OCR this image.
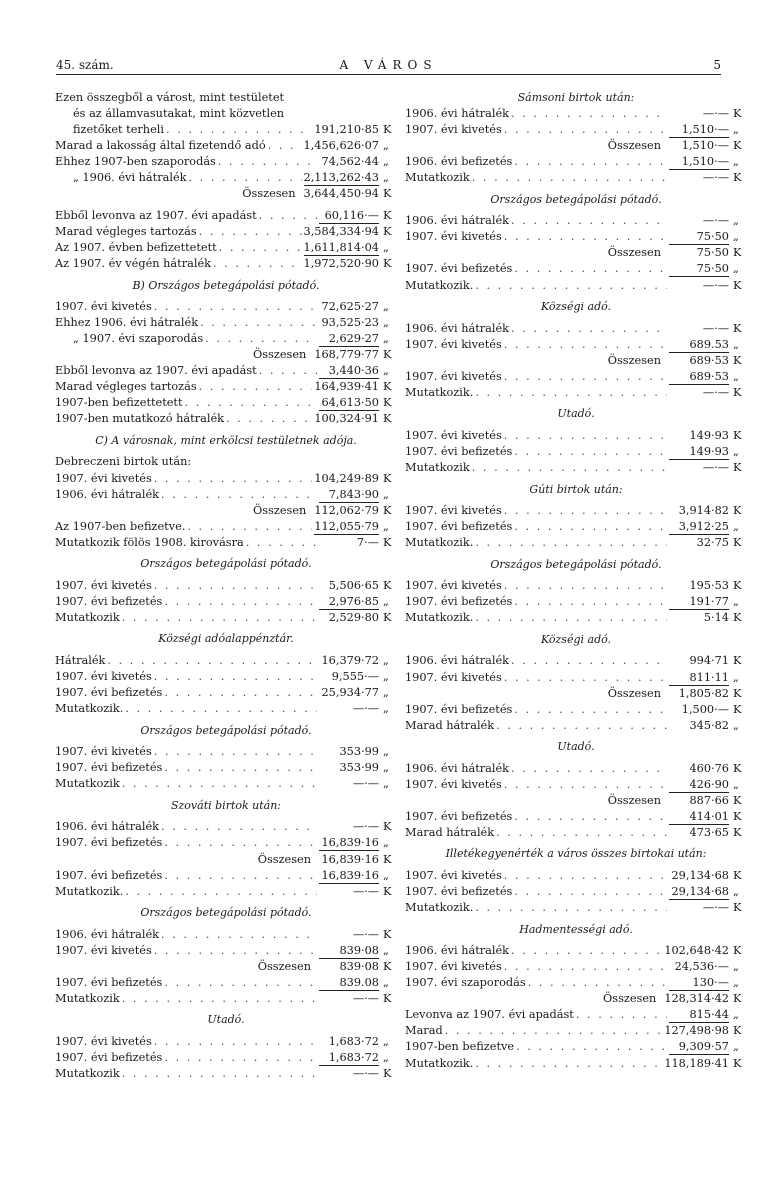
45. szám.	A VÁROS	5
Ezen összegből a várost, mint testületet
és az államvasutakat, mint közvetlen
fizetőket terheli . . .	191,210·85 K
Marad a lakosság által fizetendő adó . . .	1,456,626·07 „
Ehhez 1907-ben szaporodás . . .	74,562·44 „
„ 1906. évi hátralék . . .	2,113,262·43 „
Összesen 3,644,450·94 K
Ebből levonva az 1907. évi apadást . . .	60,116·— K
Marad végleges tartozás . . .	3,584,334·94 K
Az 1907. évben befizettetett . . .	1,611,814·04 „
Az 1907. év végén hátralék . . .	1,972,520·90 K
B) Országos betegápolási pótadó.
1907. évi kivetés . . .	72,625·27 „
Ehhez 1906. évi hátralék . . .	93,525·23 „
„ 1907. évi szaporodás . . .	2,629·27 „
Összesen 168,779·77 K
Ebből levonva az 1907. évi apadást . . .	3,440·36 „
Marad végleges tartozás . . .	164,939·41 K
1907-ben befizettetett . . .	64,613·50 K
1907-ben mutatkozó hátralék . . .	100,324·91 K
C) A városnak, mint erkölcsi testületnek adója.
Debreczeni birtok után:
1907. évi kivetés . . .	104,249·89 K
1906. évi hátralék . . .	7,843·90 „
Összesen 112,062·79 K
Az 1907-ben befizetve. . . .	112,055·79 „
Mutatkozik fölös 1908. kirovásra . . .	7·— K
Országos betegápolási pótadó.
1907. évi kivetés . . .	5,506·65 K
1907. évi befizetés . . .	2,976·85 „
Mutatkozik . . .	2,529·80 K
Községi adóalappénztár.
Hátralék . . .	16,379·72 „
1907. évi kivetés . . .	9,555·— „
1907. évi befizetés . . .	25,934·77 „
Mutatkozik. . . .	—·— „
Országos betegápolási pótadó.
1907. évi kivetés . . .	353·99 „
1907. évi befizetés . . .	353·99 „
Mutatkozik . . .	—·— „
Szováti birtok után:
1906. évi hátralék . . .	—·— K
1907. évi befizetés . . .	16,839·16 „
Összesen 16,839·16 K
1907. évi befizetés . . .	16,839·16 „
Mutatkozik. . . .	—·— K
Országos betegápolási pótadó.
1906. évi hátralék . . .	—·— K
1907. évi kivetés . . .	839·08 „
Összesen	839·08 K
1907. évi befizetés . . .	839.08 „
Mutatkozik . . .	—·— K
Utadó.
1907. évi kivetés . . .	1,683·72 „
1907. évi befizetés . . .	1,683·72 „
Mutatkozik . . .	—·— K
Sámsoni birtok után:
1906. évi hátralék . . .	—·— K
1907. évi kivetés . . .	1,510·— „
Összesen	1,510·— K
1906. évi befizetés . . .	1,510·— „
Mutatkozik . . .	—·— K
Országos betegápolási pótadó.
1906. évi hátralék . . .	—·— „
1907. évi kivetés . . .	75·50 „
Összesen	75·50 K
1907. évi befizetés . . .	75·50 „
Mutatkozik. . . .	—·— K
Községi adó.
1906. évi hátralék . . .	—·— K
1907. évi kivetés . . .	689.53 „
Összesen	689·53 K
1907. évi kivetés . . .	689·53 „
Mutatkozik. . . .	—·— K
Utadó.
1907. évi kivetés . . .	149·93 K
1907. évi befizetés . . .	149·93 „
Mutatkozik . . .	—·— K
Gúti birtok után:
1907. évi kivetés . . .	3,914·82 K
1907. évi befizetés . . .	3,912·25 „
Mutatkozik. . . .	32·75 K
Országos betegápolási pótadó.
1907. évi kivetés . . .	195·53 K
1907. évi befizetés . . .	191·77 „
Mutatkozik. . . .	5·14 K
Községi adó.
1906. évi hátralék . . .	994·71 K
1907. évi kivetés . . .	811·11 „
Összesen	1,805·82 K
1907. évi befizetés . . .	1,500·— K
Marad hátralék . . .	345·82 „
Utadó.
1906. évi hátralék . . .	460·76 K
1907. évi kivetés . . .	426·90 „
Összesen	887·66 K
1907. évi befizetés . . .	414·01 K
Marad hátralék . . .	473·65 K
Illetékegyenérték a város összes birtokai után:
1907. évi kivetés . . .	29,134·68 K
1907. évi befizetés . . .	29,134·68 „
Mutatkozik. . . .	—·— K
Hadmentességi adó.
1906. évi hátralék . . .	102,648·42 K
1907. évi kivetés . . .	24,536·— „
1907. évi szaporodás . . .	130·— „
Összesen 128,314·42 K
Levonva az 1907. évi apadást . . .	815·44 „
Marad . . .	127,498·98 K
1907-ben befizetve . . .	9,309·57 „
Mutatkozik. . . .	118,189·41 K
